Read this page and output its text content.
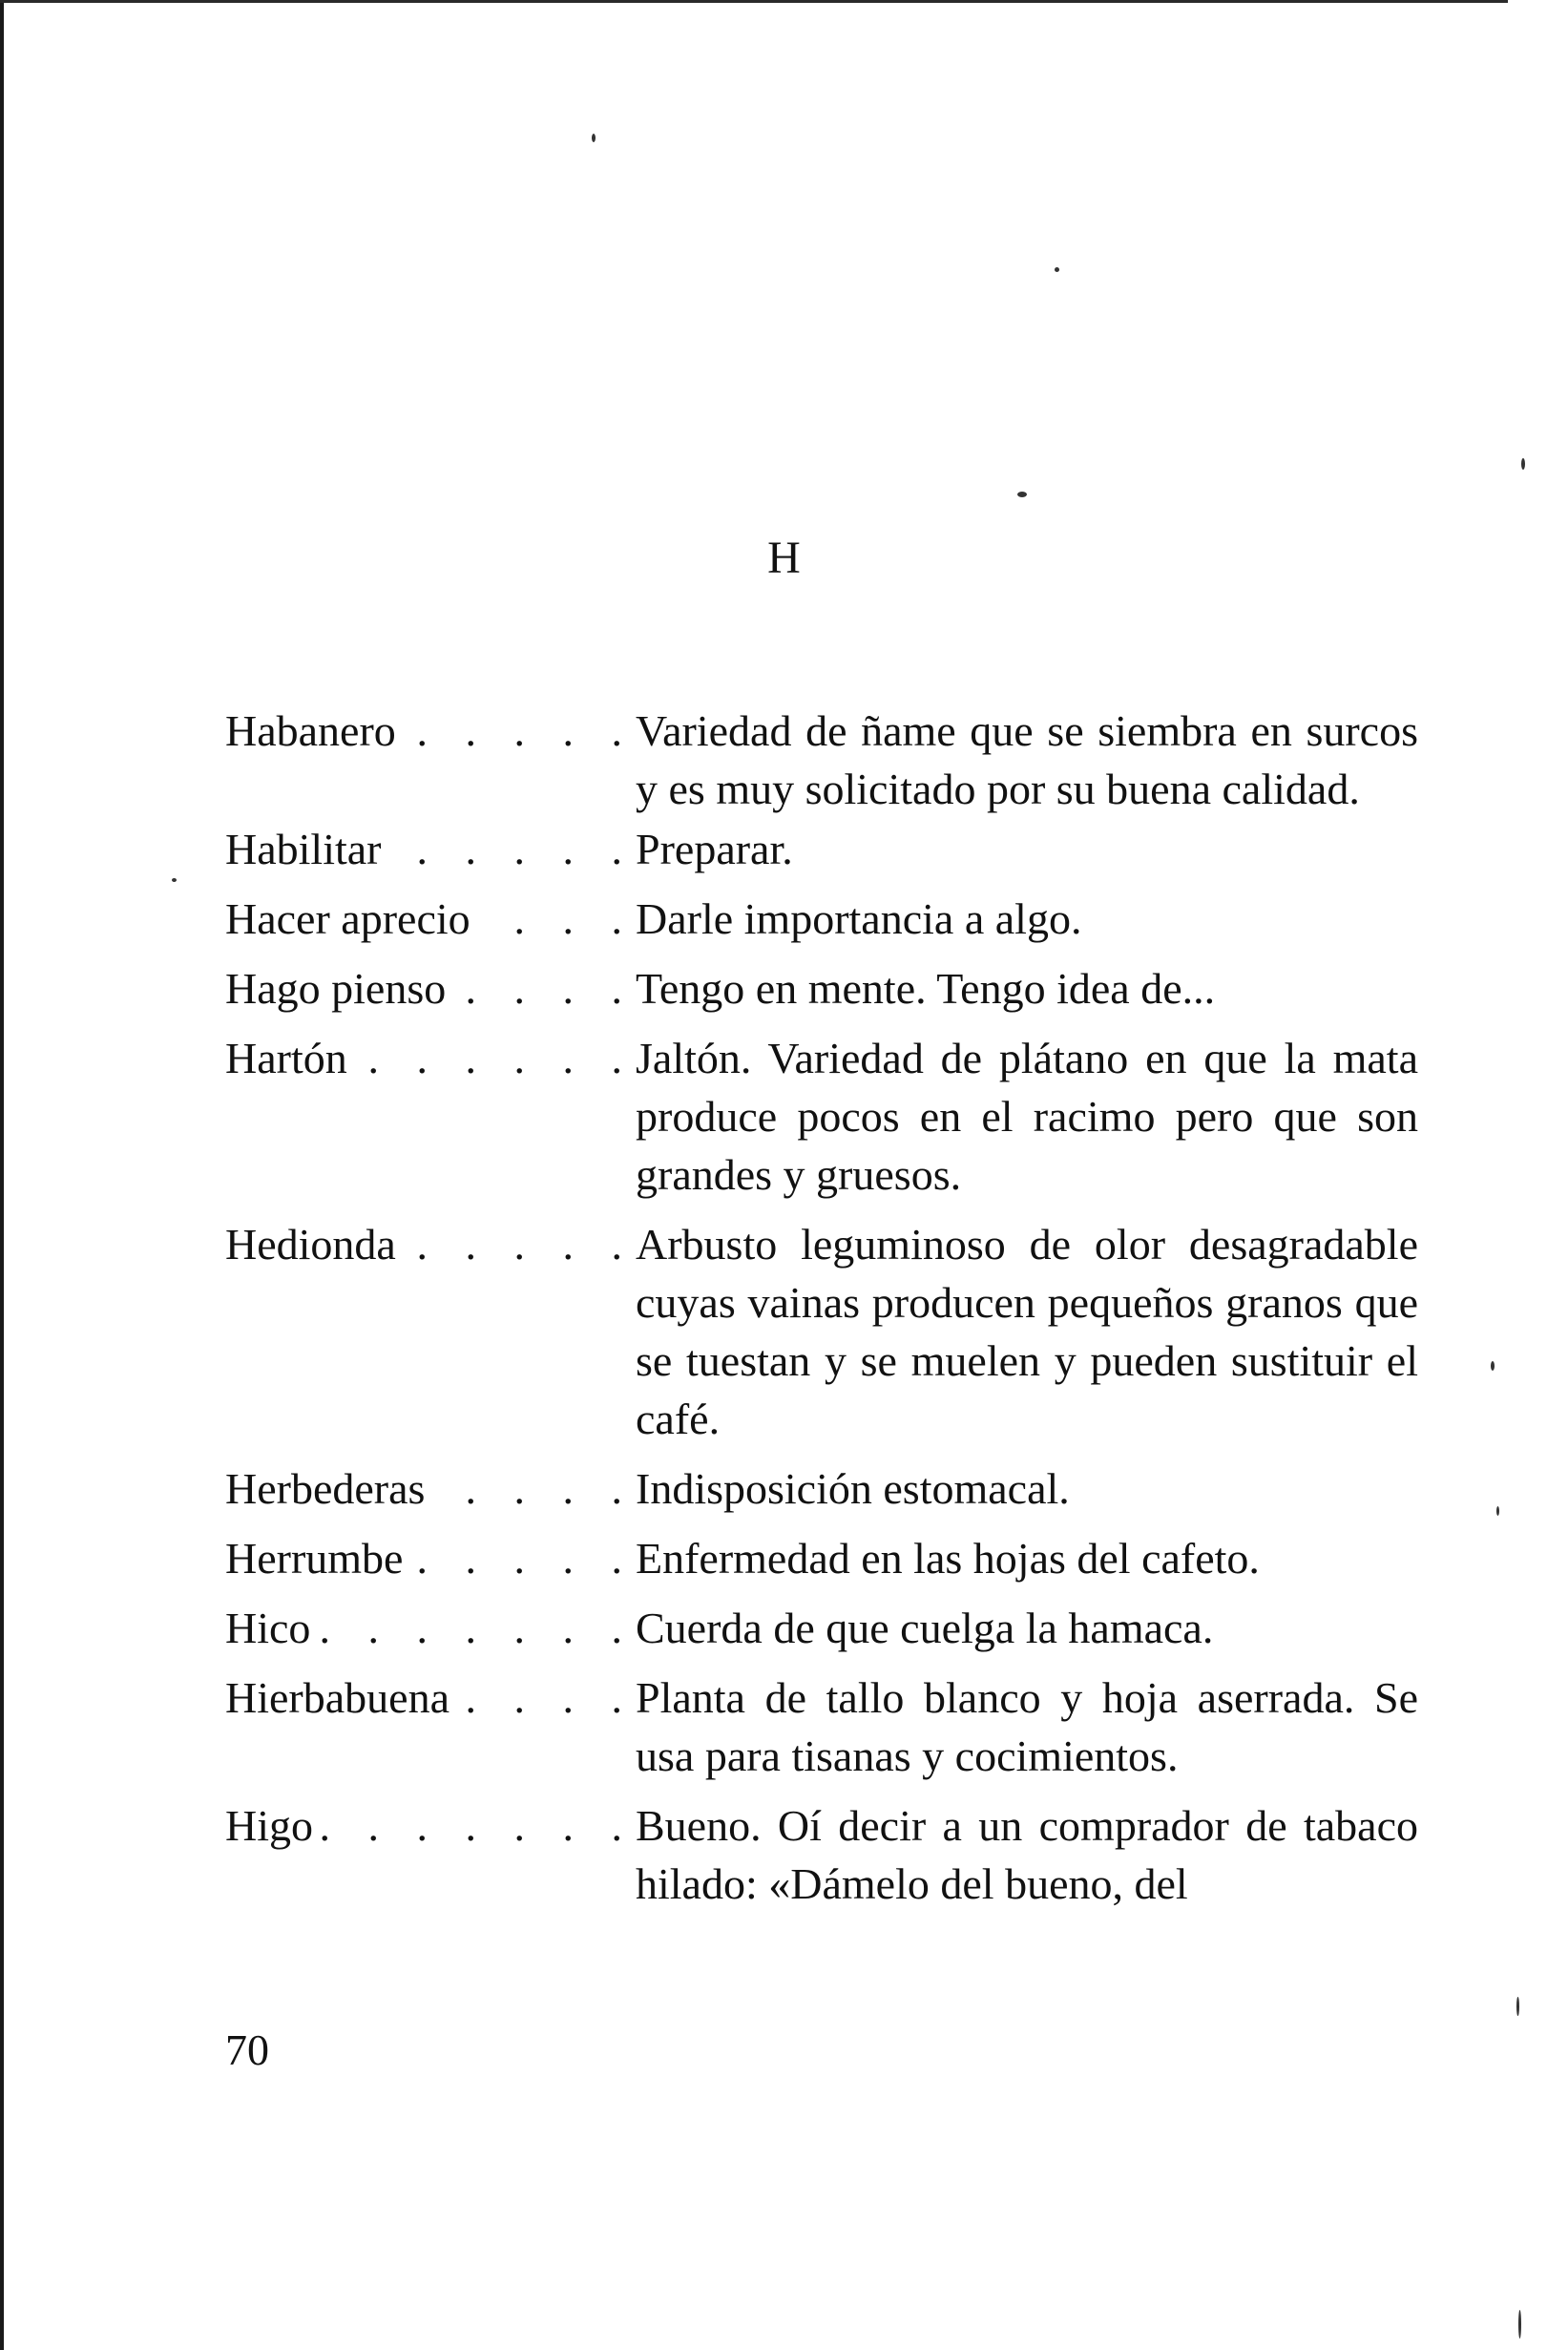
H
Habanero . . .	Variedad de ñame que se siembra en surcos y es muy solicitado por su buena calidad.
Habilitar . . .	Preparar.
Hacer aprecio . . .	Darle importancia a algo.
Hago pienso . . .	Tengo en mente. Tengo idea de...
Hartón . . .	Jaltón. Variedad de plátano en que la mata produce pocos en el racimo pero que son grandes y gruesos.
Hedionda . . .	Arbusto leguminoso de olor desagradable cuyas vainas producen pequeños granos que se tuestan y se muelen y pueden sustituir el café.
Herbederas . . .	Indisposición estomacal.
Herrumbe . . .	Enfermedad en las hojas del cafeto.
Hico . . .	Cuerda de que cuelga la hamaca.
Hierbabuena . . .	Planta de tallo blanco y hoja aserrada. Se usa para tisanas y cocimientos.
Higo . . .	Bueno. Oí decir a un comprador de tabaco hilado: «Dámelo del bueno, del
70
